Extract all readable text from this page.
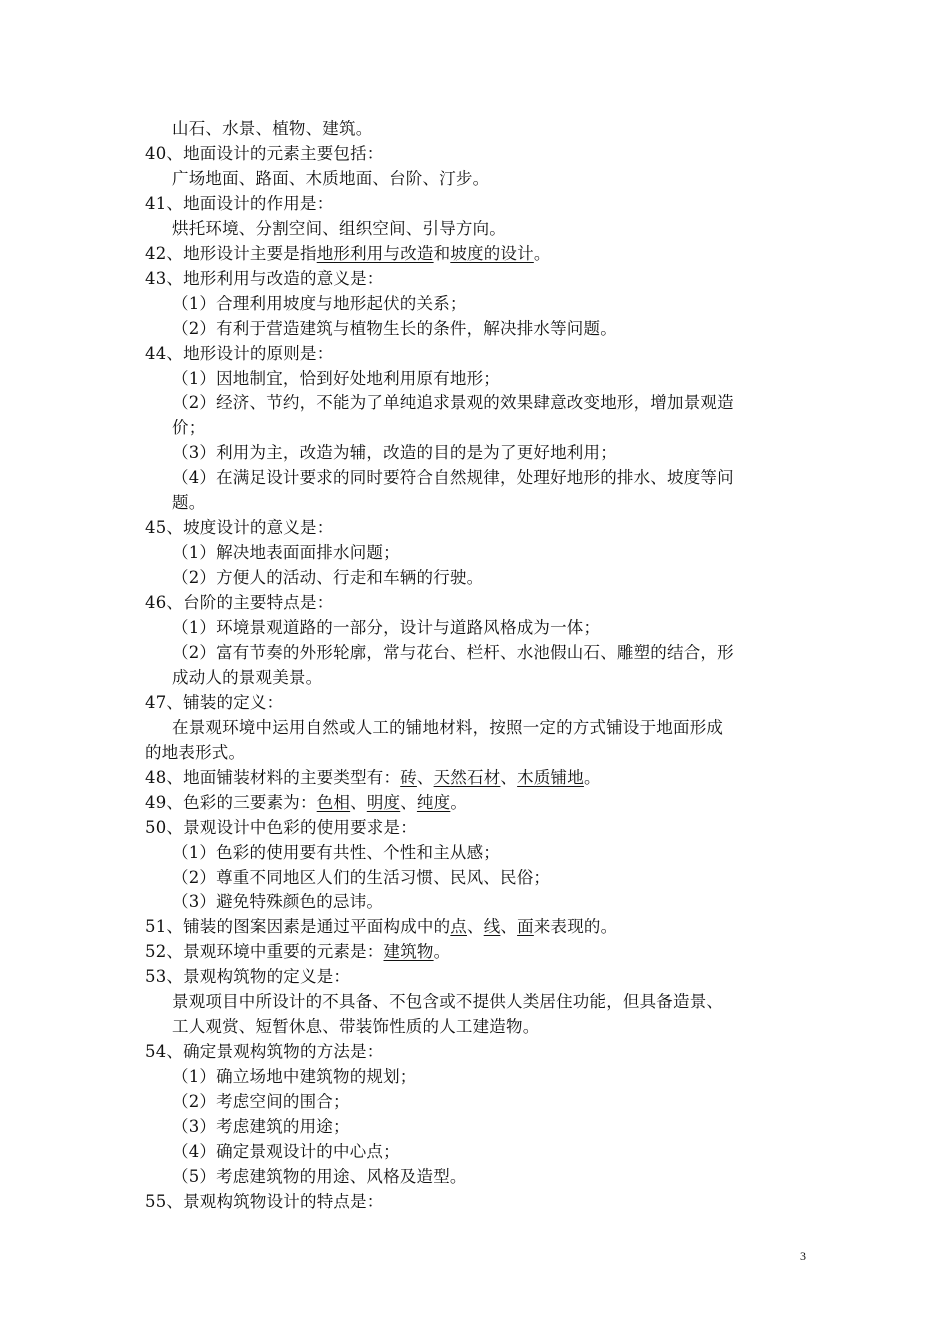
山石、水景、植物、建筑。
40、地面设计的元素主要包括：
广场地面、路面、木质地面、台阶、汀步。
41、地面设计的作用是：
烘托环境、分割空间、组织空间、引导方向。
42、地形设计主要是指地形利用与改造和坡度的设计。
43、地形利用与改造的意义是：
（1）合理利用坡度与地形起伏的关系；
（2）有利于营造建筑与植物生长的条件，解决排水等问题。
44、地形设计的原则是：
（1）因地制宜，恰到好处地利用原有地形；
（2）经济、节约，不能为了单纯追求景观的效果肆意改变地形，增加景观造
价；
（3）利用为主，改造为辅，改造的目的是为了更好地利用；
（4）在满足设计要求的同时要符合自然规律，处理好地形的排水、坡度等问
题。
45、坡度设计的意义是：
（1）解决地表面面排水问题；
（2）方便人的活动、行走和车辆的行驶。
46、台阶的主要特点是：
（1）环境景观道路的一部分，设计与道路风格成为一体；
（2）富有节奏的外形轮廓，常与花台、栏杆、水池假山石、雕塑的结合，形
成动人的景观美景。
47、铺装的定义：
在景观环境中运用自然或人工的铺地材料，按照一定的方式铺设于地面形成
的地表形式。
48、地面铺装材料的主要类型有：砖、天然石材、木质铺地。
49、色彩的三要素为：色相、明度、纯度。
50、景观设计中色彩的使用要求是：
（1）色彩的使用要有共性、个性和主从感；
（2）尊重不同地区人们的生活习惯、民风、民俗；
（3）避免特殊颜色的忌讳。
51、铺装的图案因素是通过平面构成中的点、线、面来表现的。
52、景观环境中重要的元素是：建筑物。
53、景观构筑物的定义是：
景观项目中所设计的不具备、不包含或不提供人类居住功能，但具备造景、
工人观赏、短暂休息、带装饰性质的人工建造物。
54、确定景观构筑物的方法是：
（1）确立场地中建筑物的规划；
（2）考虑空间的围合；
（3）考虑建筑的用途；
（4）确定景观设计的中心点；
（5）考虑建筑物的用途、风格及造型。
55、景观构筑物设计的特点是：
3
